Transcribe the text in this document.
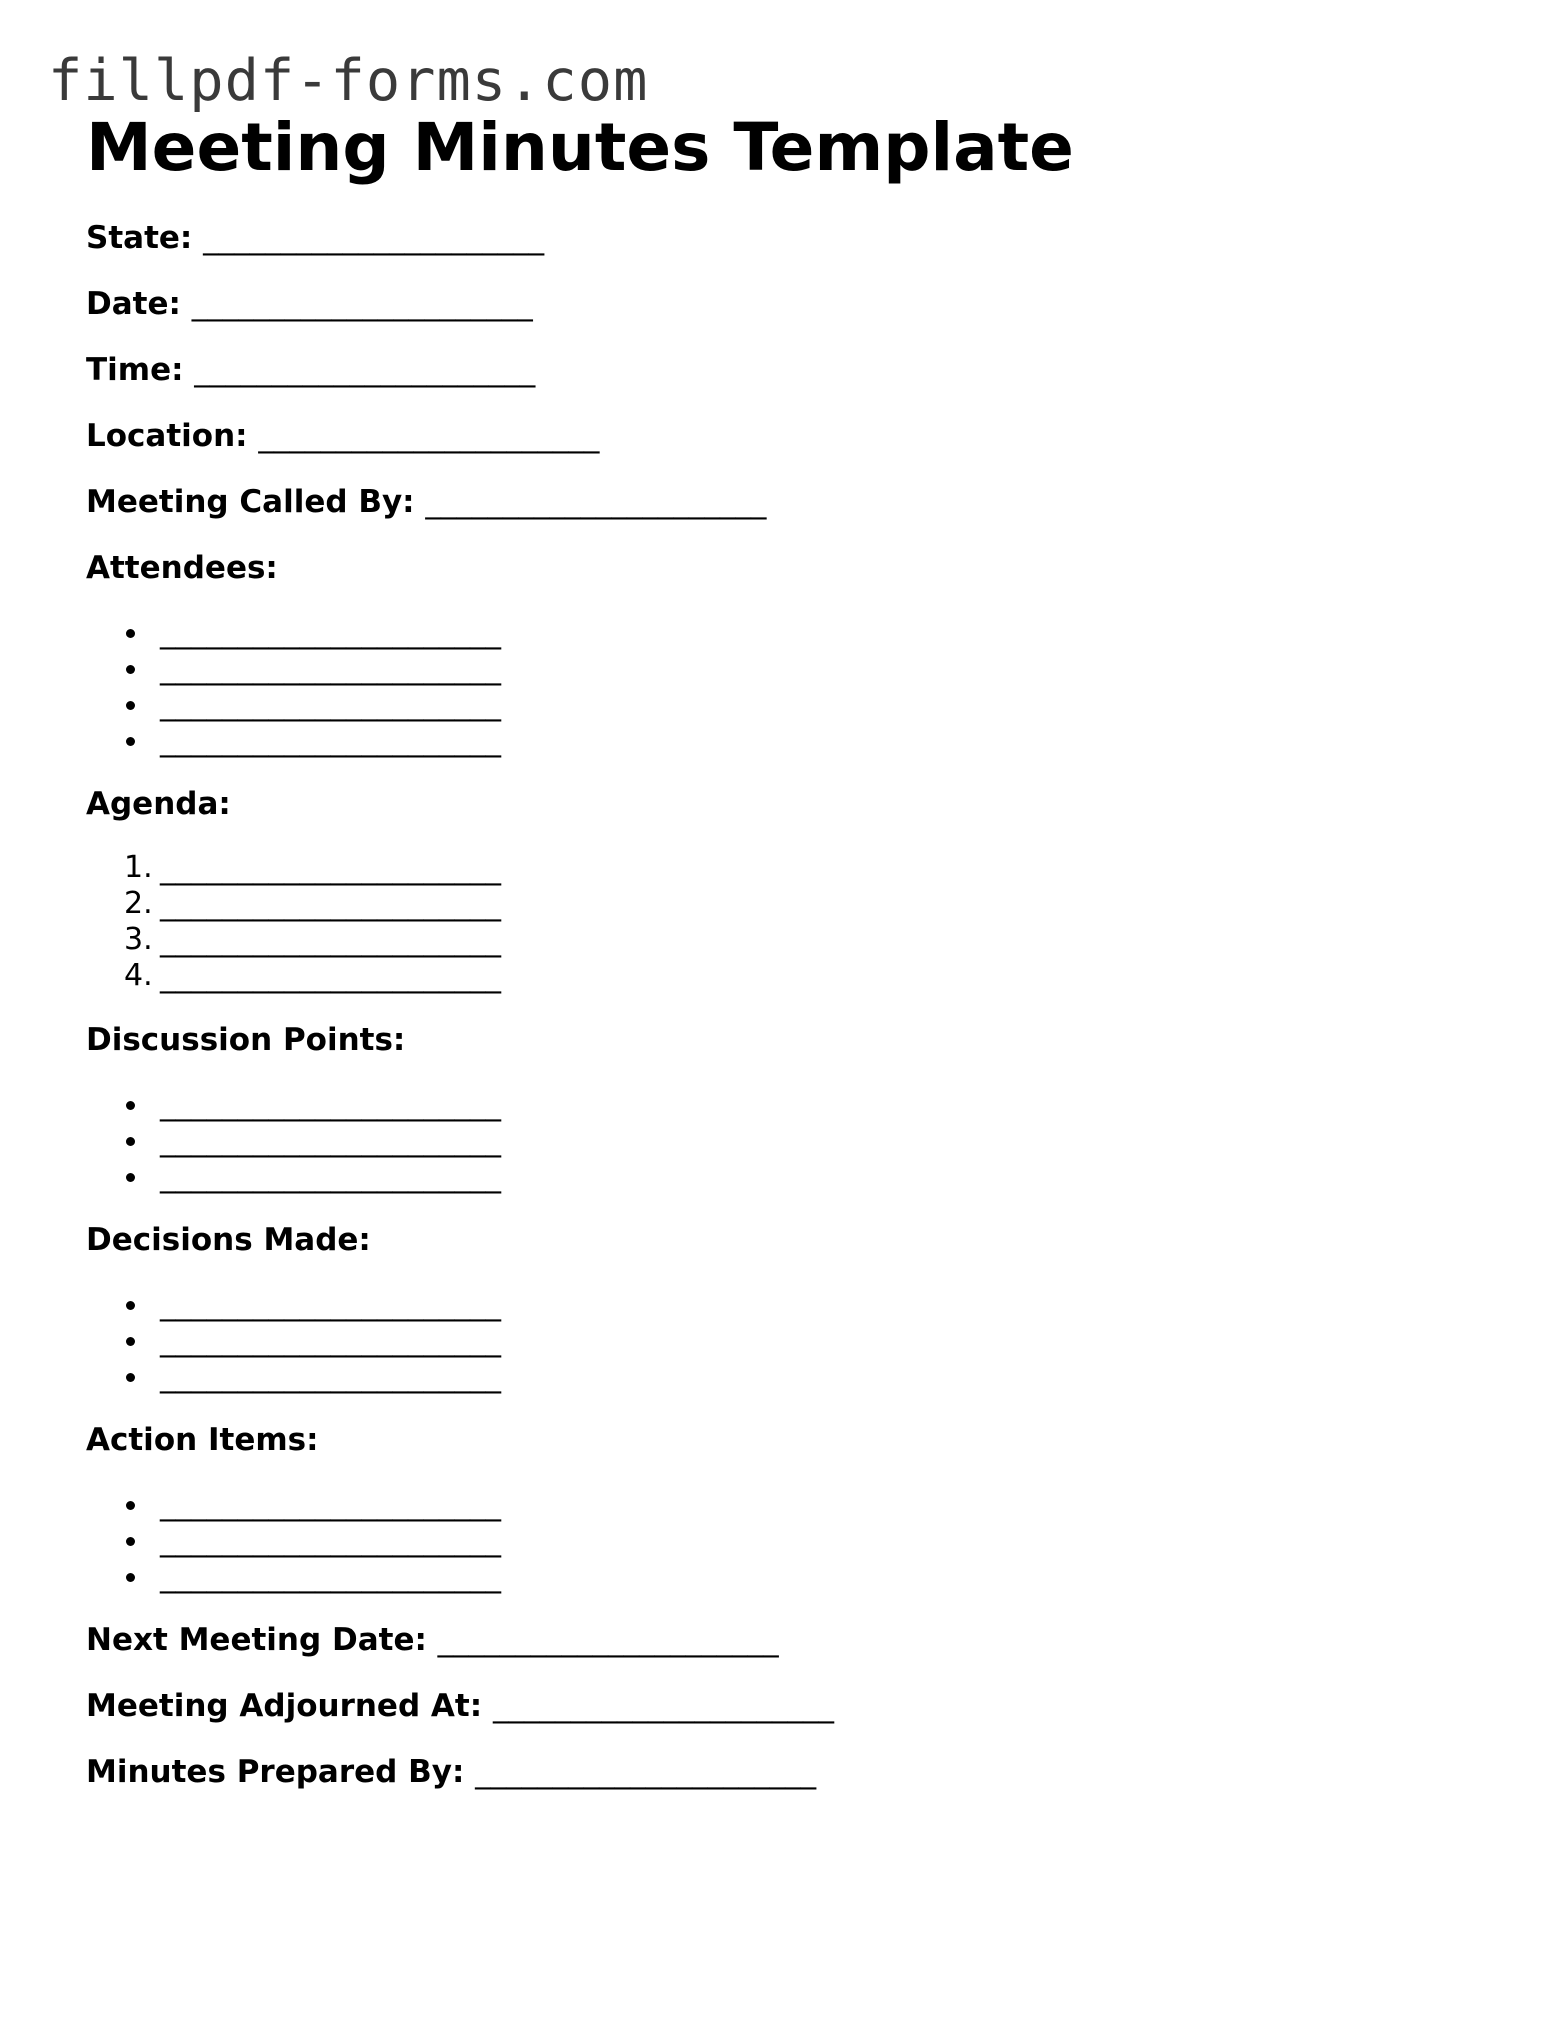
fillpdf-forms.com
Meeting Minutes Template
State: ______________________
Date: ______________________
Time: ______________________
Location: ______________________
Meeting Called By: ______________________
Attendees:
______________________
______________________
______________________
______________________
Agenda:
1. ______________________
2. ______________________
3. ______________________
4. ______________________
Discussion Points:
______________________
______________________
______________________
Decisions Made:
______________________
______________________
______________________
Action Items:
______________________
______________________
______________________
Next Meeting Date: ______________________
Meeting Adjourned At: ______________________
Minutes Prepared By: ______________________
